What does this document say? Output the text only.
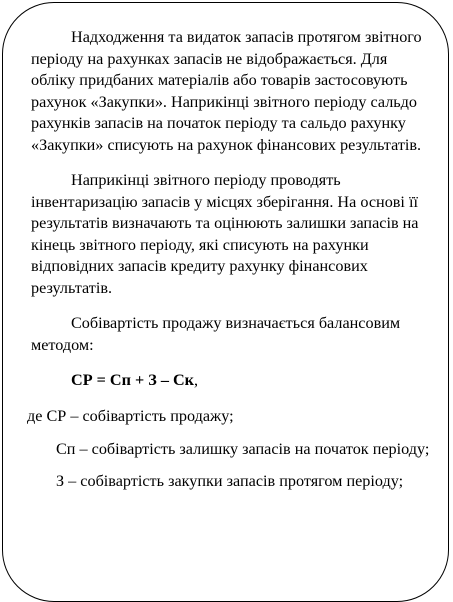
Надходження та видаток запасів протягом звітного періоду на рахунках запасів не відображається. Для обліку придбаних матеріалів або товарів застосовують рахунок «Закупки». Наприкінці звітного періоду сальдо рахунків запасів на початок періоду та сальдо рахунку «Закупки» списують на рахунок фінансових результатів.

Наприкінці звітного періоду проводять інвентаризацію запасів у місцях зберігання. На основі її результатів визначають та оцінюють залишки запасів на кінець звітного періоду, які списують на рахунки відповідних запасів кредиту рахунку фінансових результатів.

Собівартість продажу визначається балансовим методом:

СР = Сп + З – Ск,

де СР – собівартість продажу;

Сп – собівартість залишку запасів на початок періоду;

З – собівартість закупки запасів протягом періоду;
